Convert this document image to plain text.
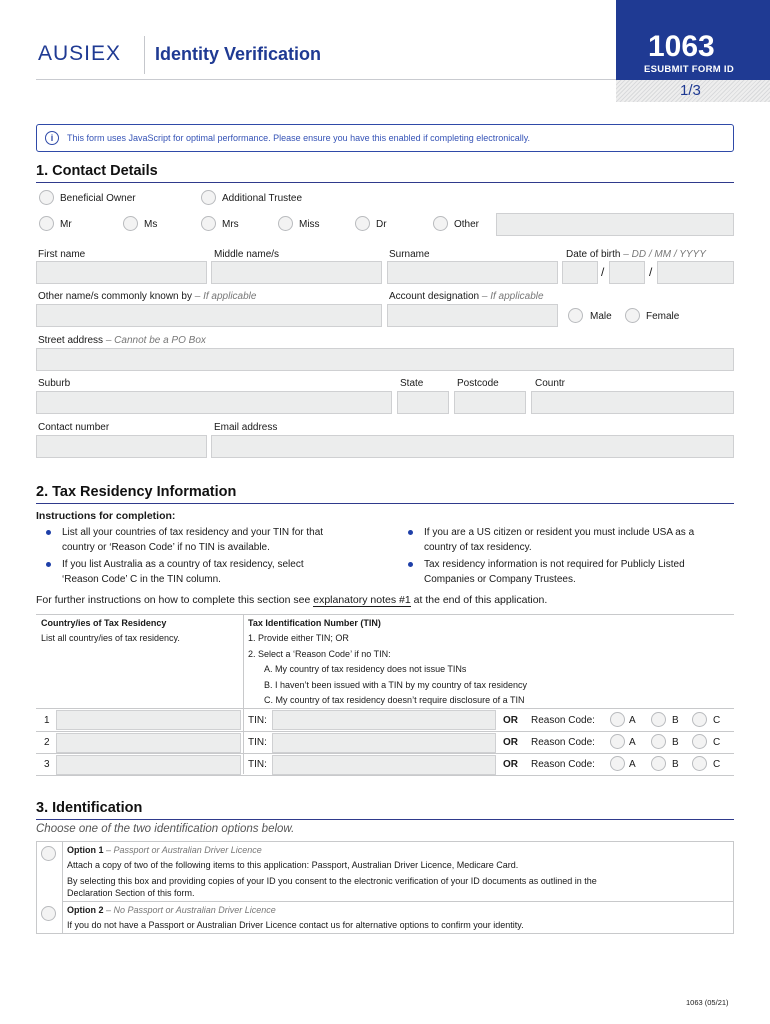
AUSIEX Identity Verification	1063
ESUBMIT FORM ID
1/3
i	This form uses JavaScript for optimal performance. Please ensure you have this enabled if completing electronically.
1. Contact Details
Beneficial Owner	Additional Trustee
Mr	Ms	Mrs	Miss	Dr	Other
First name	Middle name/s	Surname	Date of birth – DD / MM / YYYY
/	/
Other name/s commonly known by – If applicable	Account designation – If applicable
Male	Female
Street address – Cannot be a PO Box
Suburb	State	Postcode	Countr
Contact number	Email address
2. Tax Residency Information
Instructions for completion:
List all your countries of tax residency and your TIN for that
country or ‘Reason Code’ if no TIN is available.
If you list Australia as a country of tax residency, select
‘Reason Code’ C in the TIN column.
If you are a US citizen or resident you must include USA as a
country of tax residency.
Tax residency information is not required for Publicly Listed
Companies or Company Trustees.
For further instructions on how to complete this section see explanatory notes #1 at the end of this application.
Country/ies of Tax Residency
List all country/ies of tax residency.
Tax Identification Number (TIN)
1. Provide either TIN; OR
2. Select a ‘Reason Code’ if no TIN:
A. My country of tax residency does not issue TINs
B. I haven’t been issued with a TIN by my country of tax residency
C. My country of tax residency doesn’t require disclosure of a TIN
1	TIN:	OR Reason Code:	A	B	C
2	TIN:	OR Reason Code:	A	B	C
3	TIN:	OR Reason Code:	A	B	C
3. Identification
Choose one of the two identification options below.
Option 1 – Passport or Australian Driver Licence
Attach a copy of two of the following items to this application: Passport, Australian Driver Licence, Medicare Card.
By selecting this box and providing copies of your ID you consent to the electronic verification of your ID documents as outlined in the
Declaration Section of this form.
Option 2 – No Passport or Australian Driver Licence
If you do not have a Passport or Australian Driver Licence contact us for alternative options to confirm your identity.
1063 (05/21)
